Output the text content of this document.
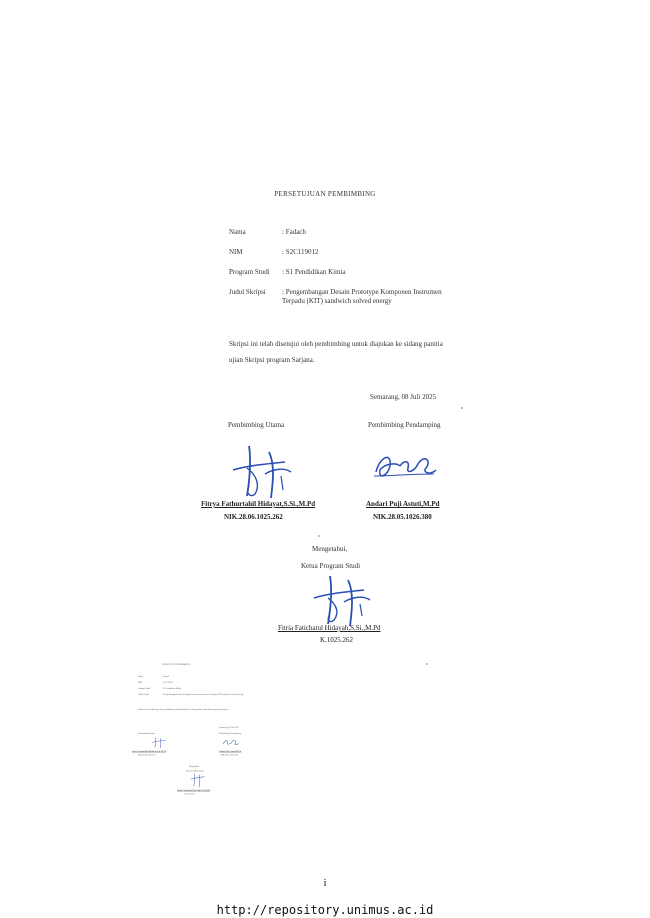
PERSETUJUAN PEMBIMBING
Nama	: Fadach
NIM	: S2C119012
Program Studi	: S1 Pendidikan Kimia
Judul Skripsi	: Pengembangan Desain Prototype Komponen Instrumen Terpadu (KIT) sandwich solved energy
Skripsi ini telah disetujui oleh pembimbing untuk diajukan ke sidang panitia ujian Skripsi program Sarjana.
Semarang, 08 Juli 2025
Pembimbing Utama	Pembimbing Pendamping
Fitrya Fathurtahil Hidayat,S.Si.,M.Pd
NIK.28.06.1025.262
Andari Puji Astuti,M.Pd
NIK.28.05.1026.380
Mengetahui,
Ketua Program Studi
Fitria Fatichatul Hidayah,S.Si.,M.Pd
K.1025.262
PERSETUJUAN PEMBIMBING
Nama	: Fadach
NIM	: S2C119012
Program Studi : S1 Pendidikan Kimia
Judul Skripsi : Pengembangan Desain Prototype Komponen Instrumen Terpadu (KIT) sandwich solved energy
Skripsi ini telah disetujui oleh pembimbing untuk diajukan ke sidang panitia ujian Skripsi program Sarjana.
Semarang, 08 Juli 2025
Pembimbing Utama	Pembimbing Pendamping
Fitrya Fathurtahil Hidayat,S.Si.,M.Pd
NIK.28.06.1025.262
Andari Puji Astuti,M.Pd
NIK.28.05.1026.380
Mengetahui,
Ketua Program Studi
Fitria Fatichatul Hidayah,S.Si.,M.Pd
K.1025.262
i
http://repository.unimus.ac.id
